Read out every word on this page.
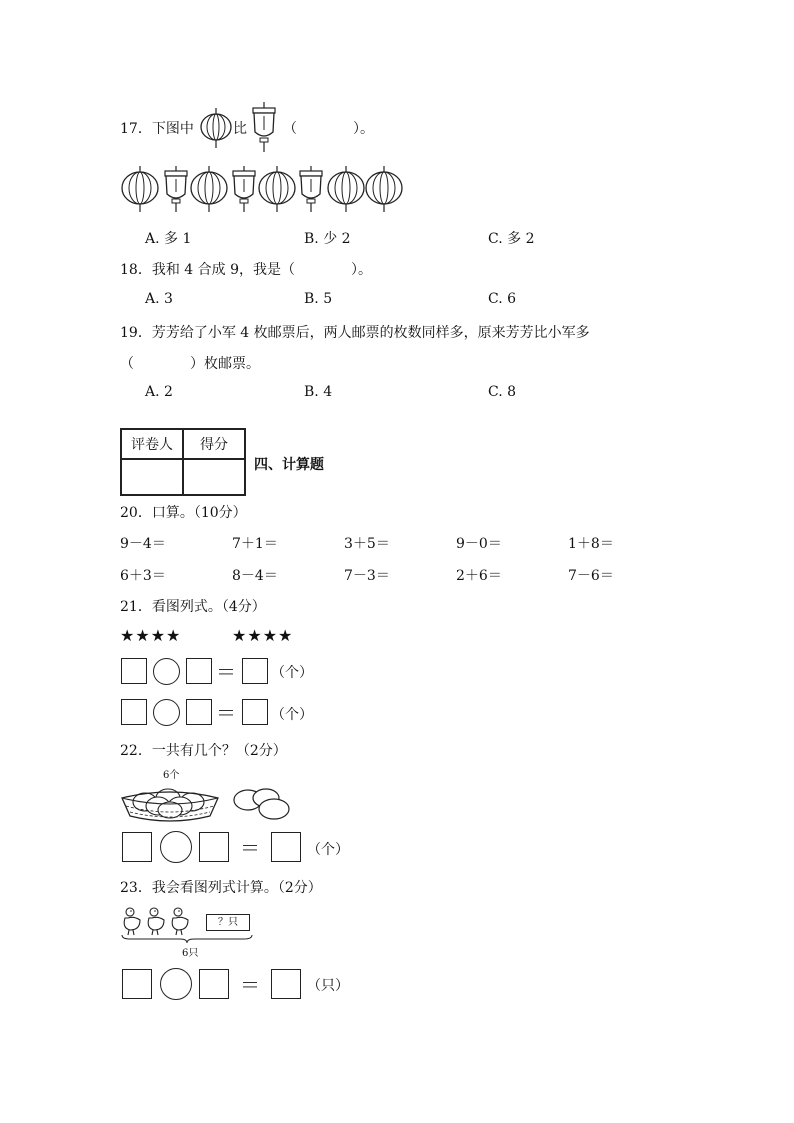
17．下图中	比	（　　　　）。
A. 多 1	B. 少 2	C. 多 2
18．我和 4 合成 9，我是（　　　　）。
A. 3	B. 5	C. 6
19．芳芳给了小军 4 枚邮票后，两人邮票的枚数同样多，原来芳芳比小军多
（　　　　）枚邮票。
A. 2	B. 4	C. 8
评卷人	得分

四、计算题
20．口算。（10分）
9－4＝	7＋1＝	3＋5＝	9－0＝	1＋8＝
6＋3＝	8－4＝	7－3＝	2＋6＝	7－6＝
21．看图列式。（4分）
★★★★	★★★★
＝	（个）
＝	（个）
22．一共有几个？（2分）
6个
＝	（个）
23．我会看图列式计算。（2分）
？只
6只
＝	（只）
